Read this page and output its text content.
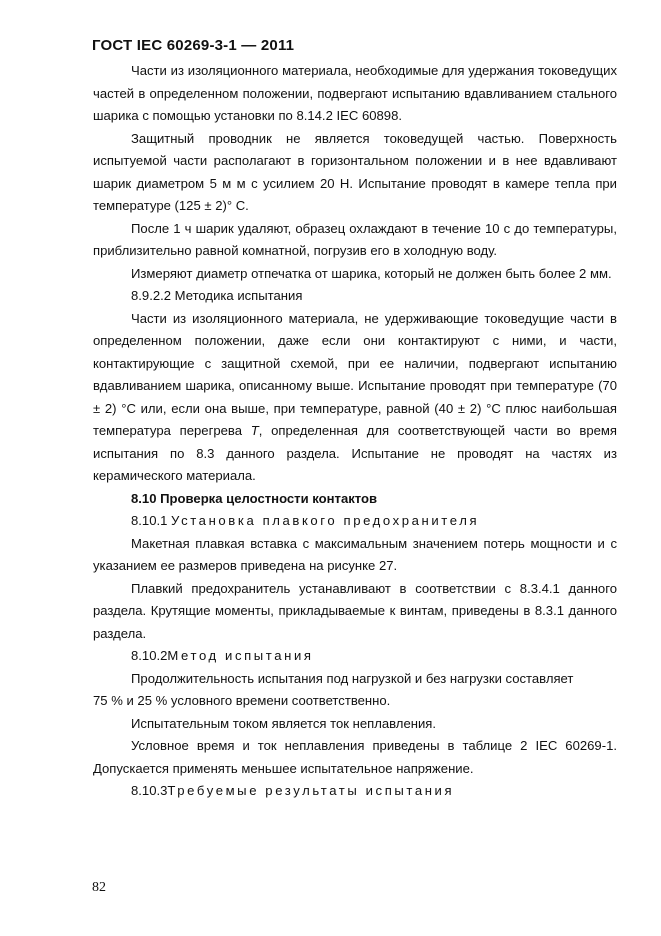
ГОСТ IEC 60269-3-1 — 2011

Части из изоляционного материала, необходимые для удержания токоведущих частей в определенном положении, подвергают испытанию вдавливанием стального шарика с помощью установки по 8.14.2 IEC 60898.

Защитный проводник не является токоведущей частью. Поверхность испытуемой части располагают в горизонтальном положении и в нее вдавливают шарик диаметром 5 м м с усилием 20 Н. Испытание проводят в камере тепла при температуре (125 ± 2)° С.

После 1 ч шарик удаляют, образец охлаждают в течение 10 с до температуры, приблизительно равной комнатной, погрузив его в холодную воду.

Измеряют диаметр отпечатка от шарика, который не должен быть более 2 мм.

8.9.2.2 Методика испытания

Части из изоляционного материала, не удерживающие токоведущие части в определенном положении, даже если они контактируют с ними, и части, контактирующие с защитной схемой, при ее наличии, подвергают испытанию вдавливанием шарика, описанному выше. Испытание проводят при температуре (70 ± 2) °С или, если она выше, при температуре, равной (40 ± 2) °С плюс наибольшая температура перегрева T, определенная для соответствующей части во время испытания по 8.3 данного раздела. Испытание не проводят на частях из керамического материала.

8.10 Проверка целостности контактов

8.10.1 Установка плавкого предохранителя

Макетная плавкая вставка с максимальным значением потерь мощности и с указанием ее размеров приведена на рисунке 27.

Плавкий предохранитель устанавливают в соответствии с 8.3.4.1 данного раздела. Крутящие моменты, прикладываемые к винтам, приведены в 8.3.1 данного раздела.

8.10.2Метод испытания

Продолжительность испытания под нагрузкой и без нагрузки составляет

75 % и 25 % условного времени соответственно.

Испытательным током является ток неплавления.

Условное время и ток неплавления приведены в таблице 2 IEC 60269-1. Допускается применять меньшее испытательное напряжение.

8.10.3Требуемые результаты испытания

82
